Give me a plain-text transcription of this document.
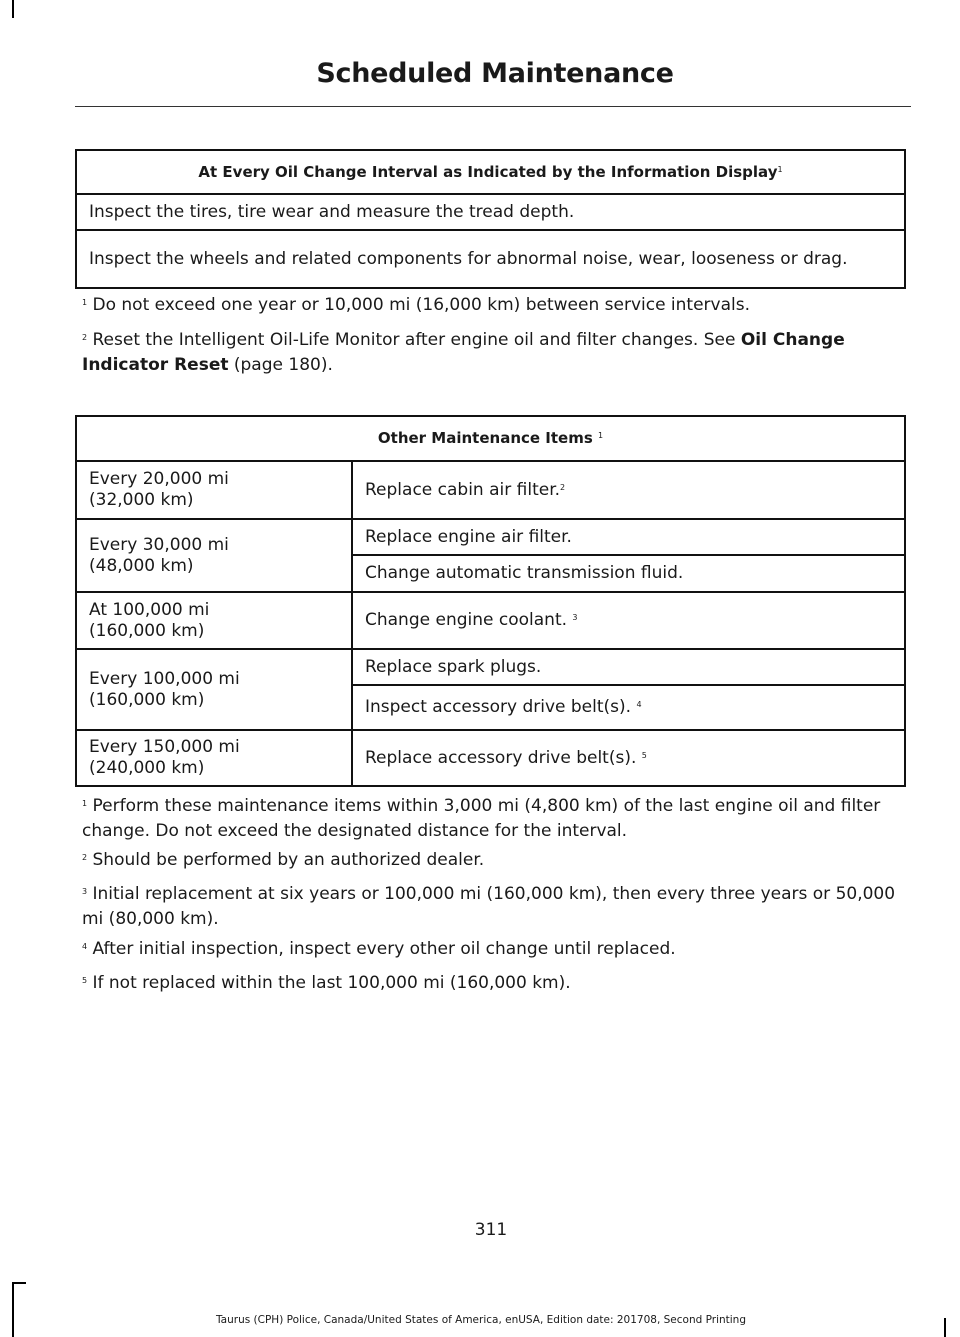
Scheduled Maintenance
At Every Oil Change Interval as Indicated by the Information Display$^1$
Inspect the tires, tire wear and measure the tread depth.
Inspect the wheels and related components for abnormal noise, wear, looseness or drag.

$^1$ Do not exceed one year or 10,000 mi (16,000 km) between service intervals.

$^2$ Reset the Intelligent Oil-Life Monitor after engine oil and filter changes. See Oil Change Indicator Reset (page 180).

Other Maintenance Items $^1$
Every 20,000 mi
(32,000 km)	Replace cabin air filter.$^2$
Every 30,000 mi
(48,000 km)	Replace engine air filter.
	Change automatic transmission fluid.
At 100,000 mi
(160,000 km)	Change engine coolant. $^3$
Every 100,000 mi
(160,000 km)	Replace spark plugs.
	Inspect accessory drive belt(s). $^4$
Every 150,000 mi
(240,000 km)	Replace accessory drive belt(s). $^5$

$^1$ Perform these maintenance items within 3,000 mi (4,800 km) of the last engine oil and filter change. Do not exceed the designated distance for the interval.

$^2$ Should be performed by an authorized dealer.

$^3$ Initial replacement at six years or 100,000 mi (160,000 km), then every three years or 50,000 mi (80,000 km).

$^4$ After initial inspection, inspect every other oil change until replaced.

$^5$ If not replaced within the last 100,000 mi (160,000 km).

311
Taurus (CPH) Police, Canada/United States of America, enUSA, Edition date: 201708, Second Printing
